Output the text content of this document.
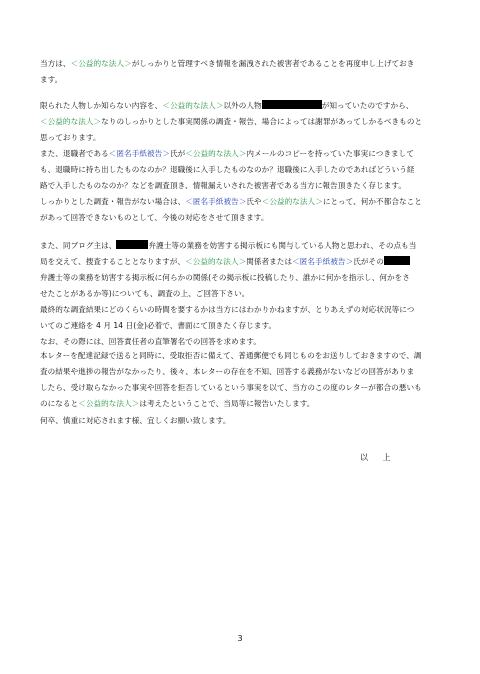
当方は、＜公益的な法人＞がしっかりと管理すべき情報を漏洩された被害者であることを再度申し上げておき
ます。
限られた人物しか知らない内容を、＜公益的な法人＞以外の人物	が知っていたのですから、
＜公益的な法人＞なりのしっかりとした事実関係の調査・報告、場合によっては謝罪があってしかるべきものと
思っております。
また、退職者である＜匿名手紙被告＞氏が＜公益的な法人＞内メールのコピーを持っていた事実につきまして
も、退職時に持ち出したものなのか？退職後に入手したものなのか？退職後に入手したのであればどういう経
路で入手したものなのか？などを調査頂き、情報漏えいされた被害者である当方に報告頂きたく存じます。
しっかりとした調査・報告がない場合は、＜匿名手紙被告＞氏や＜公益的な法人＞にとって、何か不都合なこと
があって回答できないものとして、今後の対応をさせて頂きます。
また、同ブログ主は、	弁護士等の業務を妨害する掲示板にも関与している人物と思われ、その点も当
局を交えて、捜査することとなりますが、＜公益的な法人＞関係者または＜匿名手紙被告＞氏がその
弁護士等の業務を妨害する掲示板に何らかの関係(その掲示板に投稿したり、誰かに何かを指示し、何かをさ
せたことがあるか等)についても、調査の上、ご回答下さい。
最終的な調査結果にどのくらいの時間を要するかは当方にはわかりかねますが、とりあえずの対応状況等につ
いてのご連絡を 4 月 14 日(金)必着で、書面にて頂きたく存じます。
なお、その際には、回答責任者の直筆署名での回答を求めます。
本レターを配達記録で送ると同時に、受取拒否に備えて、普通郵便でも同じものをお送りしておきますので、調
査の結果や進捗の報告がなかったり、後々、本レターの存在を不知、回答する義務がないなどの回答がありま
したら、受け取らなかった事実や回答を拒否しているという事実を以て、当方のこの度のレターが都合の悪いも
のになると＜公益的な法人＞は考えたということで、当局等に報告いたします。
何卒、慎重に対応されます様、宜しくお願い致します。
以 上
3
